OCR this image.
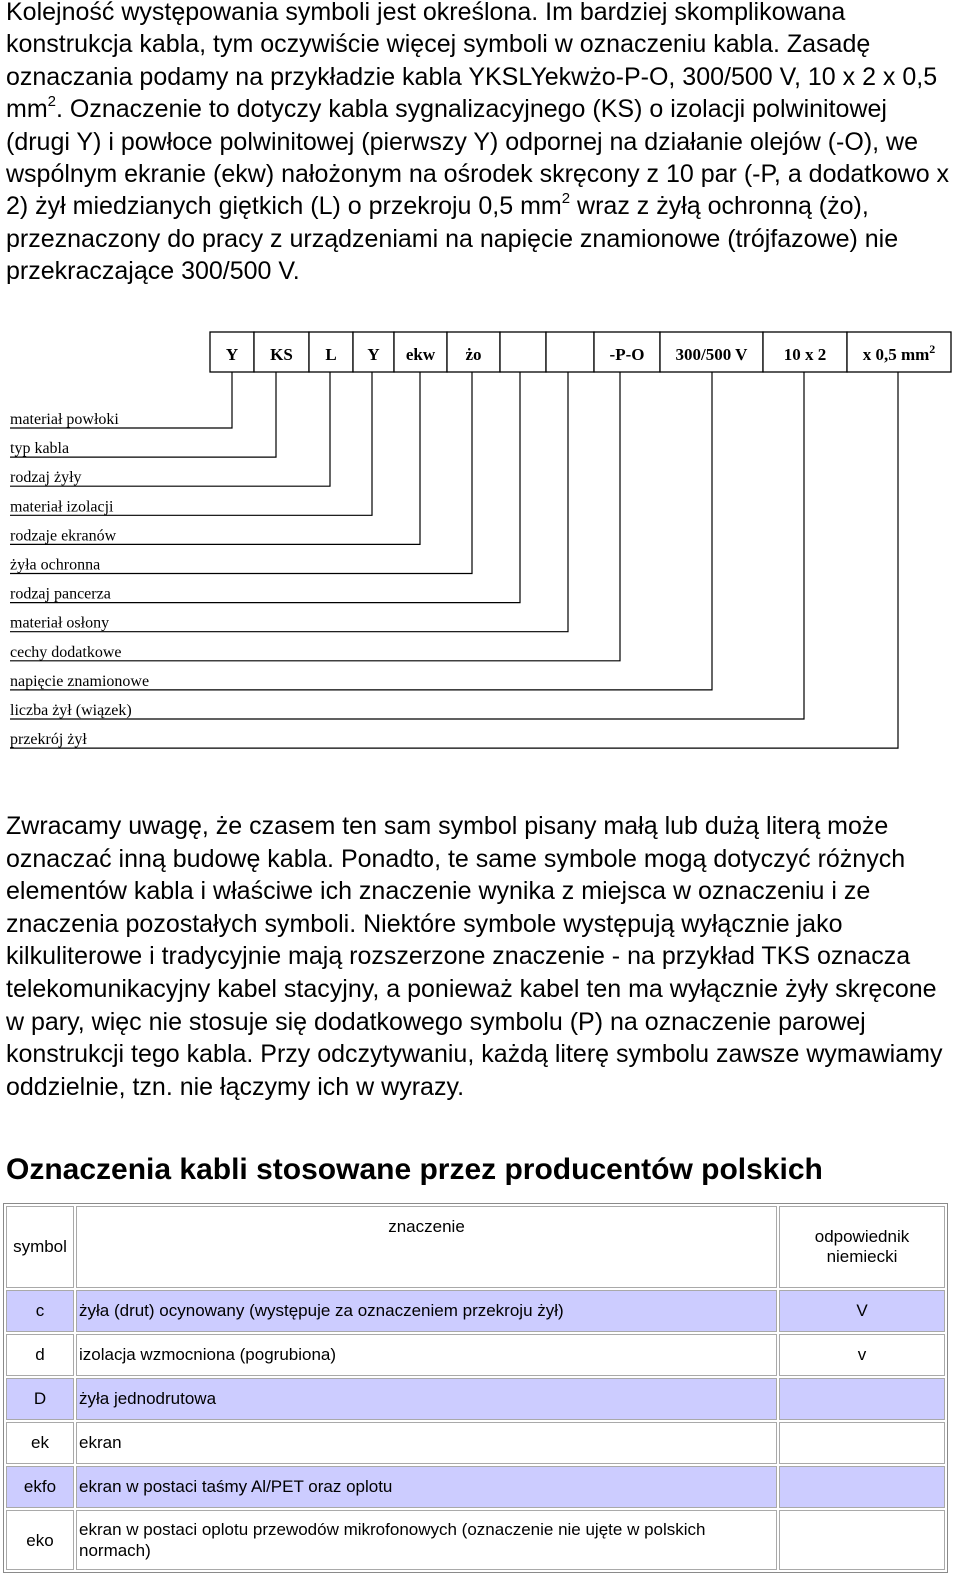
Kolejność występowania symboli jest określona. Im bardziej skomplikowana konstrukcja kabla, tym oczywiście więcej symboli w oznaczeniu kabla. Zasadę oznaczania podamy na przykładzie kabla YKSLYekwżo-P-O, 300/500 V, 10 x 2 x 0,5 $mm^2$. Oznaczenie to dotyczy kabla sygnalizacyjnego (KS) o izolacji polwinitowej (drugi Y) i powłoce polwinitowej (pierwszy Y) odpornej na działanie olejów (-O), we wspólnym ekranie (ekw) nałożonym na ośrodek skręcony z 10 par (-P, a dodatkowo x 2) żył miedzianych giętkich (L) o przekroju 0,5 $mm^2$ wraz z żyłą ochronną (żo), przeznaczony do pracy z urządzeniami na napięcie znamionowe (trójfazowe) nie przekraczające 300/500 V.

Y KS L Y ekw żo	-P-O 300/500 V 10 x 2 x 0,5 $mm^2$
materiał powłoki
typ kabla
rodzaj żyły
materiał izolacji
rodzaje ekranów
żyła ochronna
rodzaj pancerza
materiał osłony
cechy dodatkowe
napięcie znamionowe
liczba żył (wiązek)
przekrój żył

Zwracamy uwagę, że czasem ten sam symbol pisany małą lub dużą literą może oznaczać inną budowę kabla. Ponadto, te same symbole mogą dotyczyć różnych elementów kabla i właściwe ich znaczenie wynika z miejsca w oznaczeniu i ze znaczenia pozostałych symboli. Niektóre symbole występują wyłącznie jako kilkuliterowe i tradycyjnie mają rozszerzone znaczenie - na przykład TKS oznacza telekomunikacyjny kabel stacyjny, a ponieważ kabel ten ma wyłącznie żyły skręcone w pary, więc nie stosuje się dodatkowego symbolu (P) na oznaczenie parowej konstrukcji tego kabla. Przy odczytywaniu, każdą literę symbolu zawsze wymawiamy oddzielnie, tzn. nie łączymy ich w wyrazy.

Oznaczenia kabli stosowane przez producentów polskich
symbol	znaczenie	odpowiednik niemiecki
c	żyła (drut) ocynowany (występuje za oznaczeniem przekroju żył)	V
d	izolacja wzmocniona (pogrubiona)	v
D	żyła jednodrutowa	
ek	ekran	
ekfo	ekran w postaci taśmy Al/PET oraz oplotu	
eko	ekran w postaci oplotu przewodów mikrofonowych (oznaczenie nie ujęte w polskich normach)	
